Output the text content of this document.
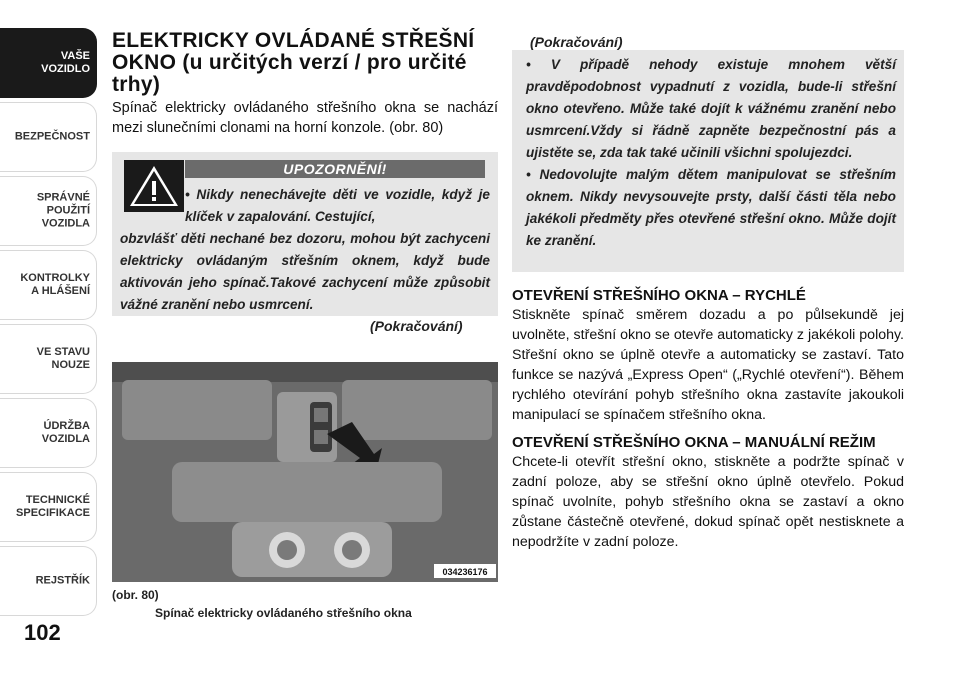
VAŠE
VOZIDLO
BEZPEČNOST
SPRÁVNÉ
POUŽITÍ
VOZIDLA
KONTROLKY
A HLÁŠENÍ
VE STAVU
NOUZE
ÚDRŽBA
VOZIDLA
TECHNICKÉ
SPECIFIKACE
REJSTŘÍK
102
ELEKTRICKY OVLÁDANÉ STŘEŠNÍ OKNO (u určitých verzí / pro určité trhy)

Spínač elektricky ovládaného střešního okna se nachází mezi slunečními clonami na horní konzole. (obr. 80)

UPOZORNĚNÍ!
• Nikdy nenechávejte děti ve vozidle, když je klíček v zapalování. Cestující,
obzvlášť děti nechané bez dozoru, mohou být zachyceni elektricky ovládaným střešním oknem, když bude aktivován jeho spínač.Takové zachycení může způsobit vážné zranění nebo usmrcení.
(Pokračování)
034236176
(obr. 80)
Spínač elektricky ovládaného střešního okna
(Pokračování)

• V případě nehody existuje mnohem větší pravděpodobnost vypadnutí z vozidla, bude-li střešní okno otevřeno. Může také dojít k vážnému zranění nebo usmrcení.Vždy si řádně zapněte bezpečnostní pás a ujistěte se, zda tak také učinili všichni spolujezdci.

• Nedovolujte malým dětem manipulovat se střešním oknem. Nikdy nevysouvejte prsty, další části těla nebo jakékoli předměty přes otevřené střešní okno. Může dojít ke zranění.

OTEVŘENÍ STŘEŠNÍHO OKNA – RYCHLÉ

Stiskněte spínač směrem dozadu a po půlsekundě jej uvolněte, střešní okno se otevře automaticky z jakékoli polohy. Střešní okno se úplně otevře a automaticky se zastaví. Tato funkce se nazývá „Express Open“ („Rychlé otevření“). Během rychlého otevírání pohyb střešního okna zastavíte jakoukoli manipulací se spínačem střešního okna.

OTEVŘENÍ STŘEŠNÍHO OKNA – MANUÁLNÍ REŽIM

Chcete-li otevřít střešní okno, stiskněte a podržte spínač v zadní poloze, aby se střešní okno úplně otevřelo. Pokud spínač uvolníte, pohyb střešního okna se zastaví a okno zůstane částečně otevřené, dokud spínač opět nestisknete a nepodržíte v zadní poloze.
